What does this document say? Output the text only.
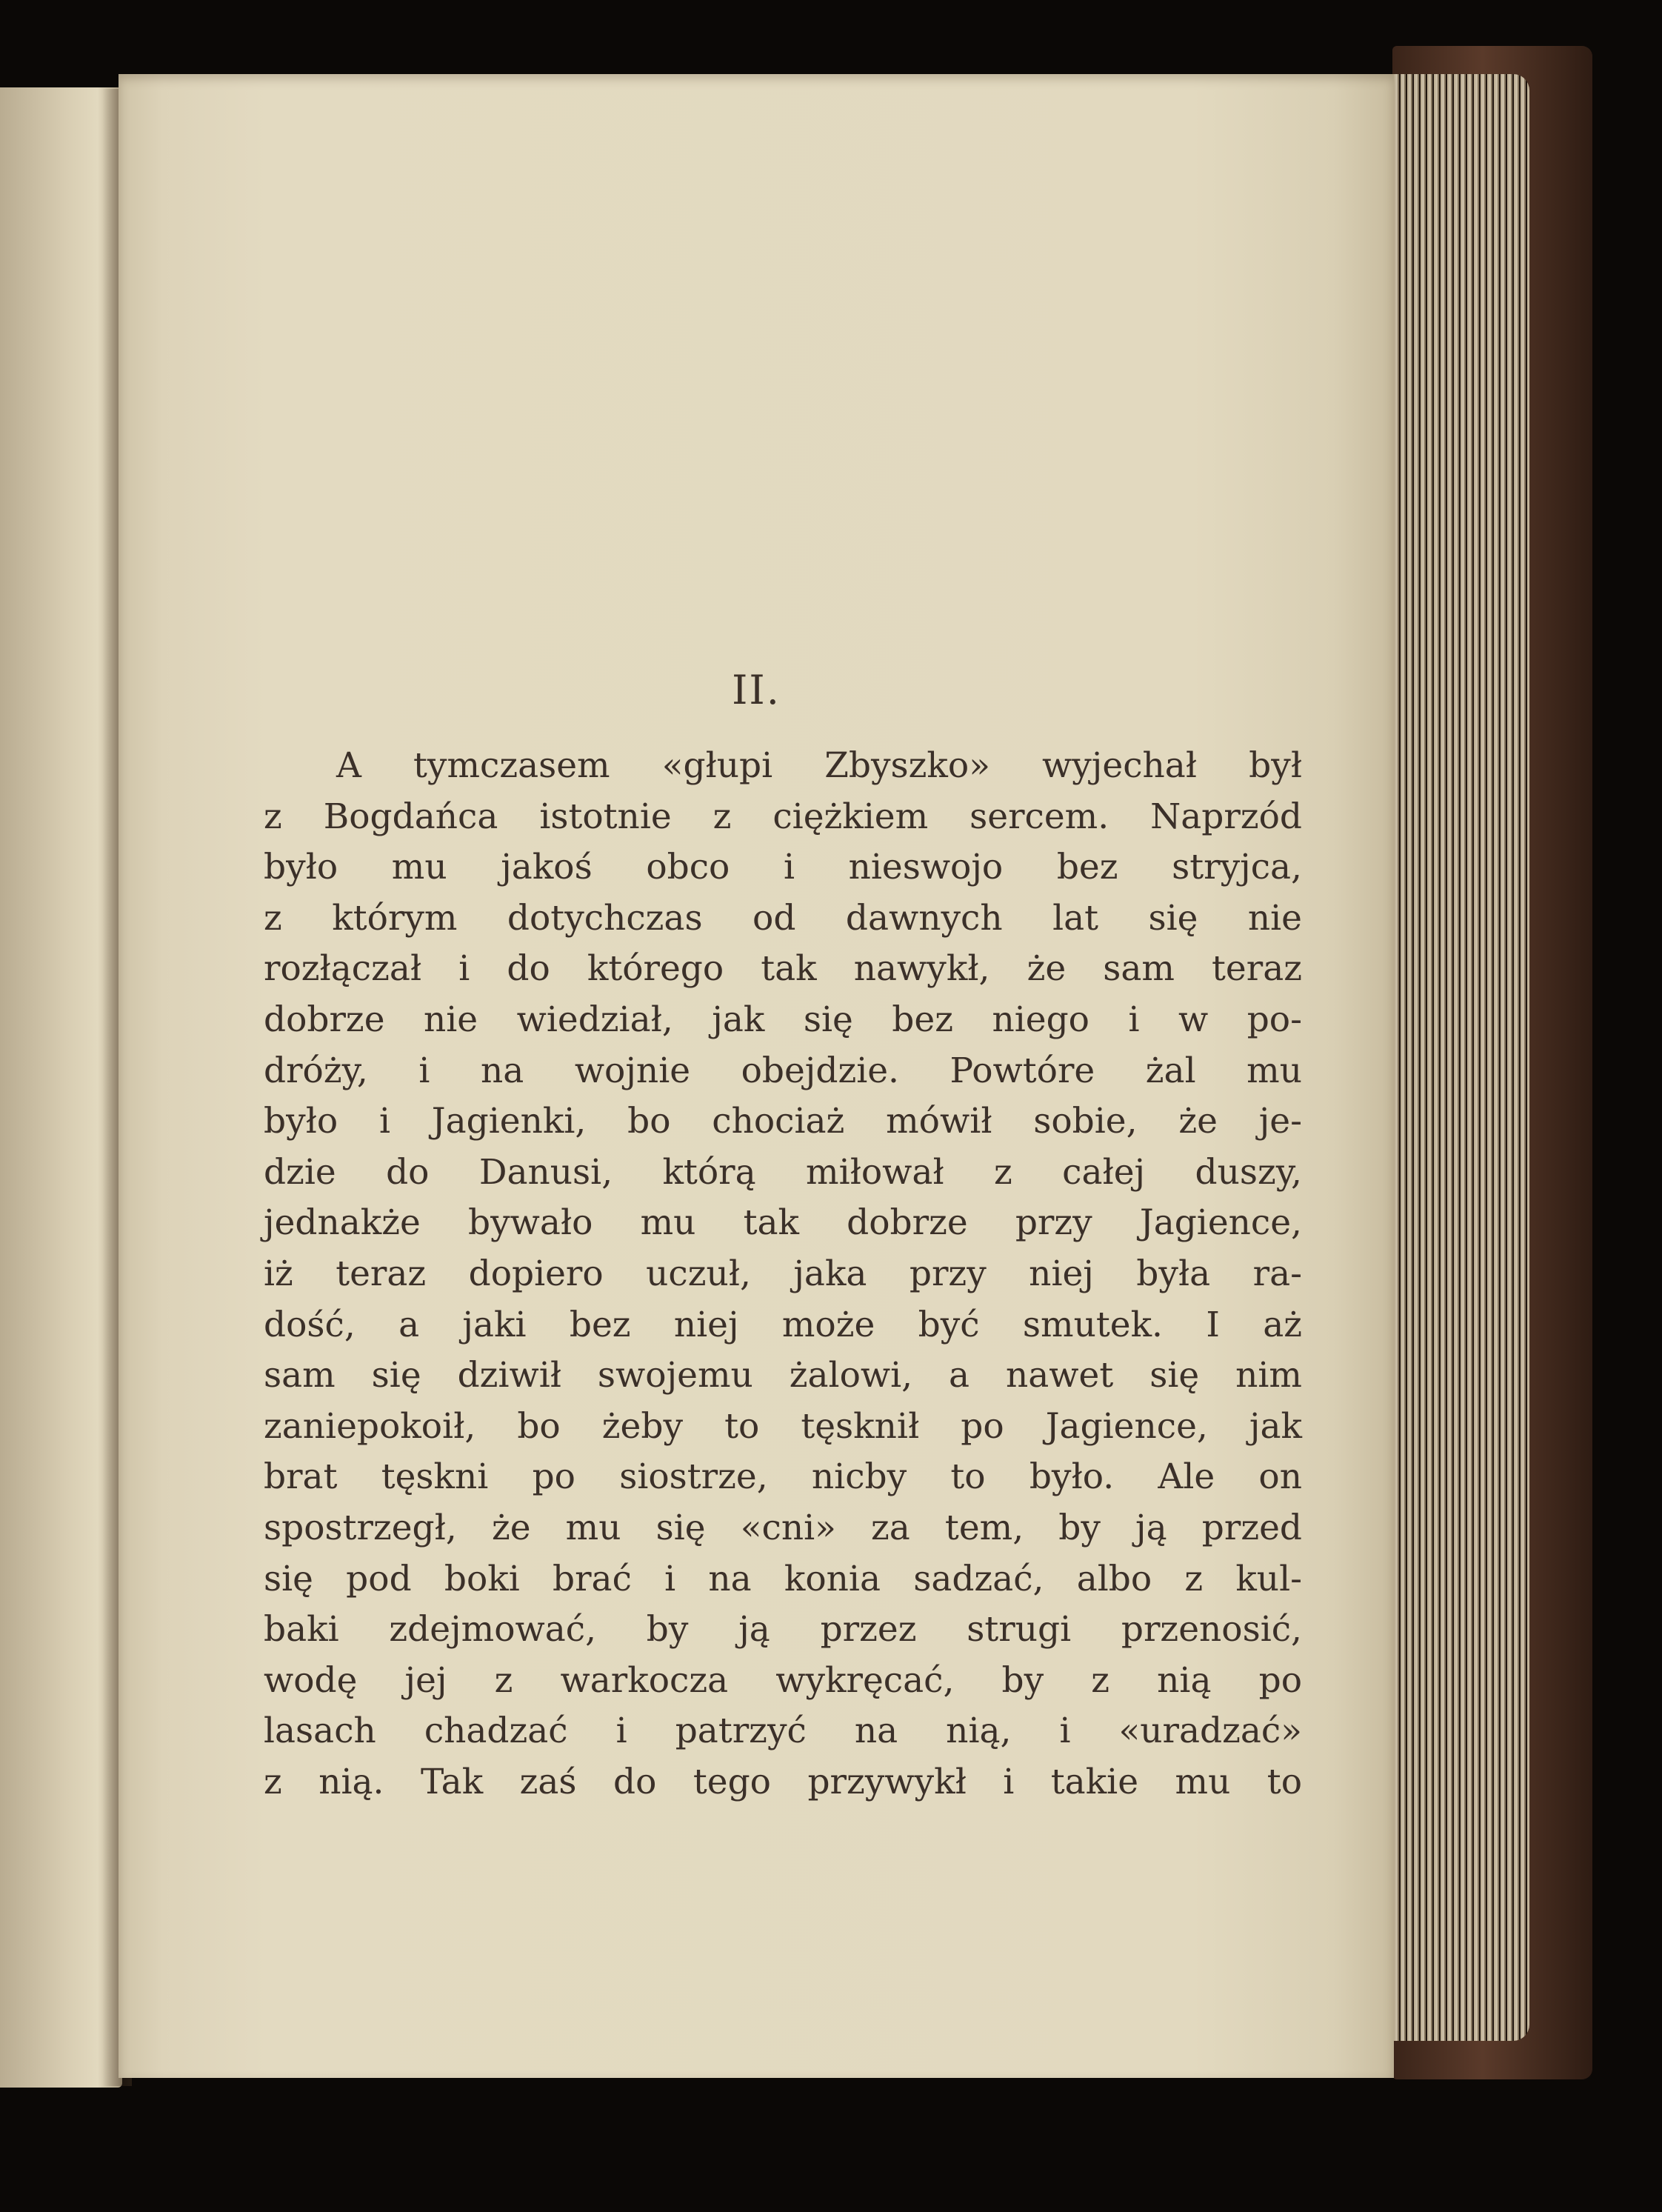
II.
A tymczasem «głupi Zbyszko» wyjechał był
z Bogdańca istotnie z ciężkiem sercem. Naprzód
było mu jakoś obco i nieswojo bez stryjca,
z którym dotychczas od dawnych lat się nie
rozłączał i do którego tak nawykł, że sam teraz
dobrze nie wiedział, jak się bez niego i w po-
dróży, i na wojnie obejdzie. Powtóre żal mu
było i Jagienki, bo chociaż mówił sobie, że je-
dzie do Danusi, którą miłował z całej duszy,
jednakże bywało mu tak dobrze przy Jagience,
iż teraz dopiero uczuł, jaka przy niej była ra-
dość, a jaki bez niej może być smutek. I aż
sam się dziwił swojemu żalowi, a nawet się nim
zaniepokoił, bo żeby to tęsknił po Jagience, jak
brat tęskni po siostrze, nicby to było. Ale on
spostrzegł, że mu się «cni» za tem, by ją przed
się pod boki brać i na konia sadzać, albo z kul-
baki zdejmować, by ją przez strugi przenosić,
wodę jej z warkocza wykręcać, by z nią po
lasach chadzać i patrzyć na nią, i «uradzać»
z nią. Tak zaś do tego przywykł i takie mu to
